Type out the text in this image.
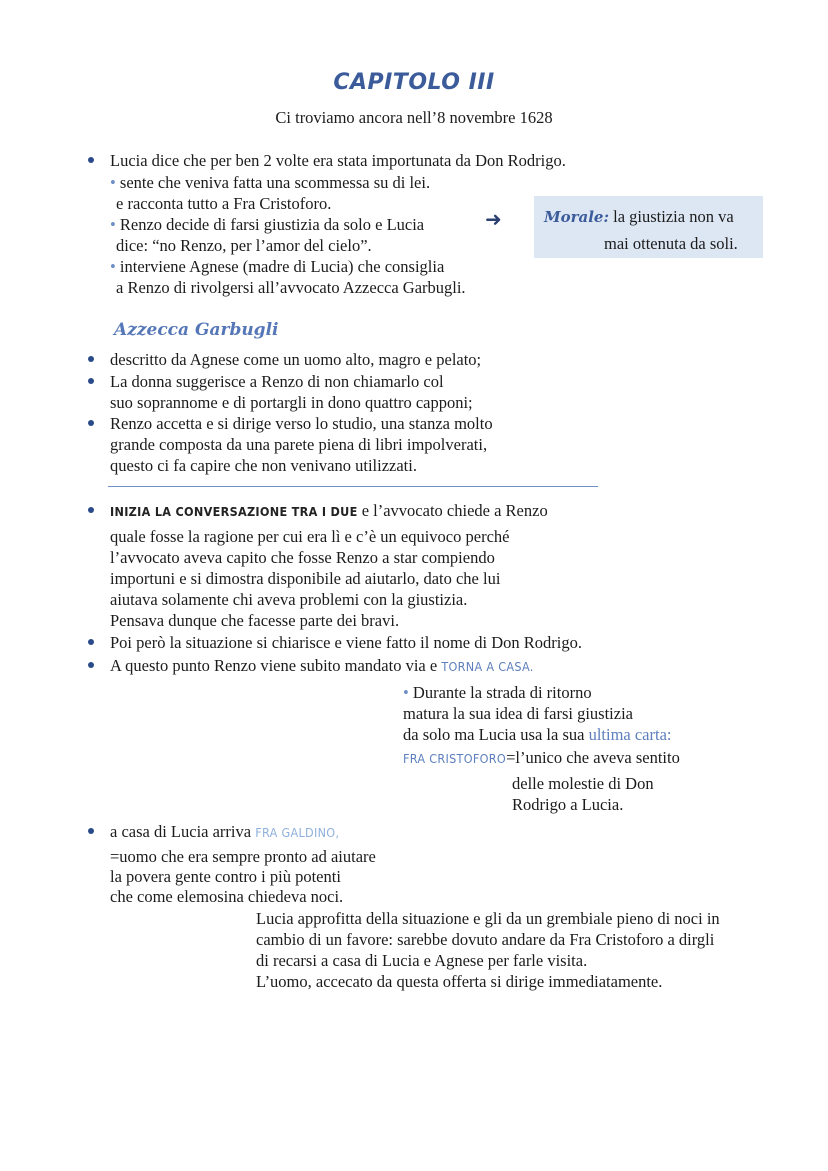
CAPITOLO III
Ci troviamo ancora nell’8 novembre 1628
Lucia dice che per ben 2 volte era stata importunata da Don Rodrigo.
• sente che veniva fatta una scommessa su di lei.
e racconta tutto a Fra Cristoforo.
• Renzo decide di farsi giustizia da solo e Lucia
dice: “no Renzo, per l’amor del cielo”.
• interviene Agnese (madre di Lucia) che consiglia
a Renzo di rivolgersi all’avvocato Azzecca Garbugli.
➜	Morale: la giustizia non va
mai ottenuta da soli.
Azzecca Garbugli
descritto da Agnese come un uomo alto, magro e pelato;
La donna suggerisce a Renzo di non chiamarlo col
suo soprannome e di portargli in dono quattro capponi;
Renzo accetta e si dirige verso lo studio, una stanza molto
grande composta da una parete piena di libri impolverati,
questo ci fa capire che non venivano utilizzati.
INIZIA LA CONVERSAZIONE TRA I DUE e l’avvocato chiede a Renzo
quale fosse la ragione per cui era lì e c’è un equivoco perché
l’avvocato aveva capito che fosse Renzo a star compiendo
importuni e si dimostra disponibile ad aiutarlo, dato che lui
aiutava solamente chi aveva problemi con la giustizia.
Pensava dunque che facesse parte dei bravi.
Poi però la situazione si chiarisce e viene fatto il nome di Don Rodrigo.
A questo punto Renzo viene subito mandato via e TORNA A CASA.
• Durante la strada di ritorno
matura la sua idea di farsi giustizia
da solo ma Lucia usa la sua ultima carta:
FRA CRISTOFORO=l’unico che aveva sentito
delle molestie di Don
Rodrigo a Lucia.
a casa di Lucia arriva FRA GALDINO,
=uomo che era sempre pronto ad aiutare
la povera gente contro i più potenti
che come elemosina chiedeva noci.
Lucia approfitta della situazione e gli da un grembiale pieno di noci in
cambio di un favore: sarebbe dovuto andare da Fra Cristoforo a dirgli
di recarsi a casa di Lucia e Agnese per farle visita.
L’uomo, accecato da questa offerta si dirige immediatamente.
